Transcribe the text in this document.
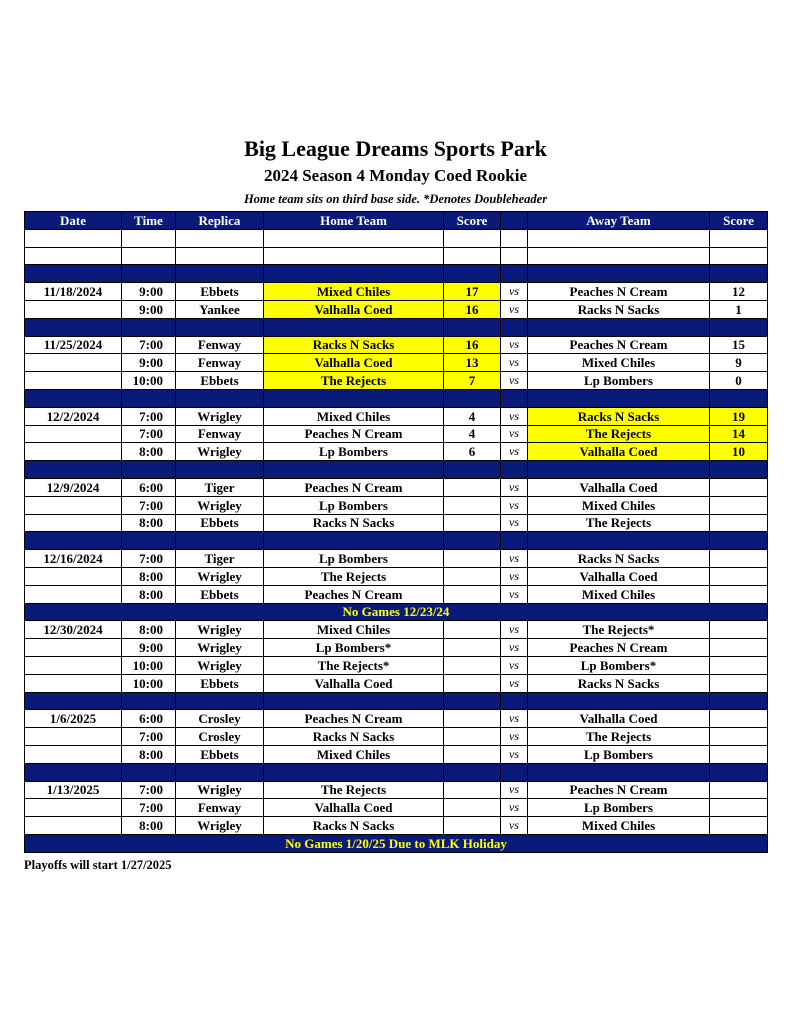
Big League Dreams Sports Park
2024 Season 4 Monday Coed Rookie
Home team sits on third base side. *Denotes Doubleheader
Date	Time	Replica	Home Team	Score		Away Team	Score

11/18/2024	9:00	Ebbets	Mixed Chiles	17	vs	Peaches N Cream	12
	9:00	Yankee	Valhalla Coed	16	vs	Racks N Sacks	1

11/25/2024	7:00	Fenway	Racks N Sacks	16	vs	Peaches N Cream	15
	9:00	Fenway	Valhalla Coed	13	vs	Mixed Chiles	9
	10:00	Ebbets	The Rejects	7	vs	Lp Bombers	0

12/2/2024	7:00	Wrigley	Mixed Chiles	4	vs	Racks N Sacks	19
	7:00	Fenway	Peaches N Cream	4	vs	The Rejects	14
	8:00	Wrigley	Lp Bombers	6	vs	Valhalla Coed	10

12/9/2024	6:00	Tiger	Peaches N Cream		vs	Valhalla Coed	
	7:00	Wrigley	Lp Bombers		vs	Mixed Chiles	
	8:00	Ebbets	Racks N Sacks		vs	The Rejects	

12/16/2024	7:00	Tiger	Lp Bombers		vs	Racks N Sacks	
	8:00	Wrigley	The Rejects		vs	Valhalla Coed	
	8:00	Ebbets	Peaches N Cream		vs	Mixed Chiles	
No Games 12/23/24							
12/30/2024	8:00	Wrigley	Mixed Chiles		vs	The Rejects*	
	9:00	Wrigley	Lp Bombers*		vs	Peaches N Cream	
	10:00	Wrigley	The Rejects*		vs	Lp Bombers*	
	10:00	Ebbets	Valhalla Coed		vs	Racks N Sacks	

1/6/2025	6:00	Crosley	Peaches N Cream		vs	Valhalla Coed	
	7:00	Crosley	Racks N Sacks		vs	The Rejects	
	8:00	Ebbets	Mixed Chiles		vs	Lp Bombers	

1/13/2025	7:00	Wrigley	The Rejects		vs	Peaches N Cream	
	7:00	Fenway	Valhalla Coed		vs	Lp Bombers	
	8:00	Wrigley	Racks N Sacks		vs	Mixed Chiles	
No Games 1/20/25 Due to MLK Holiday							
Playoffs will start 1/27/2025
